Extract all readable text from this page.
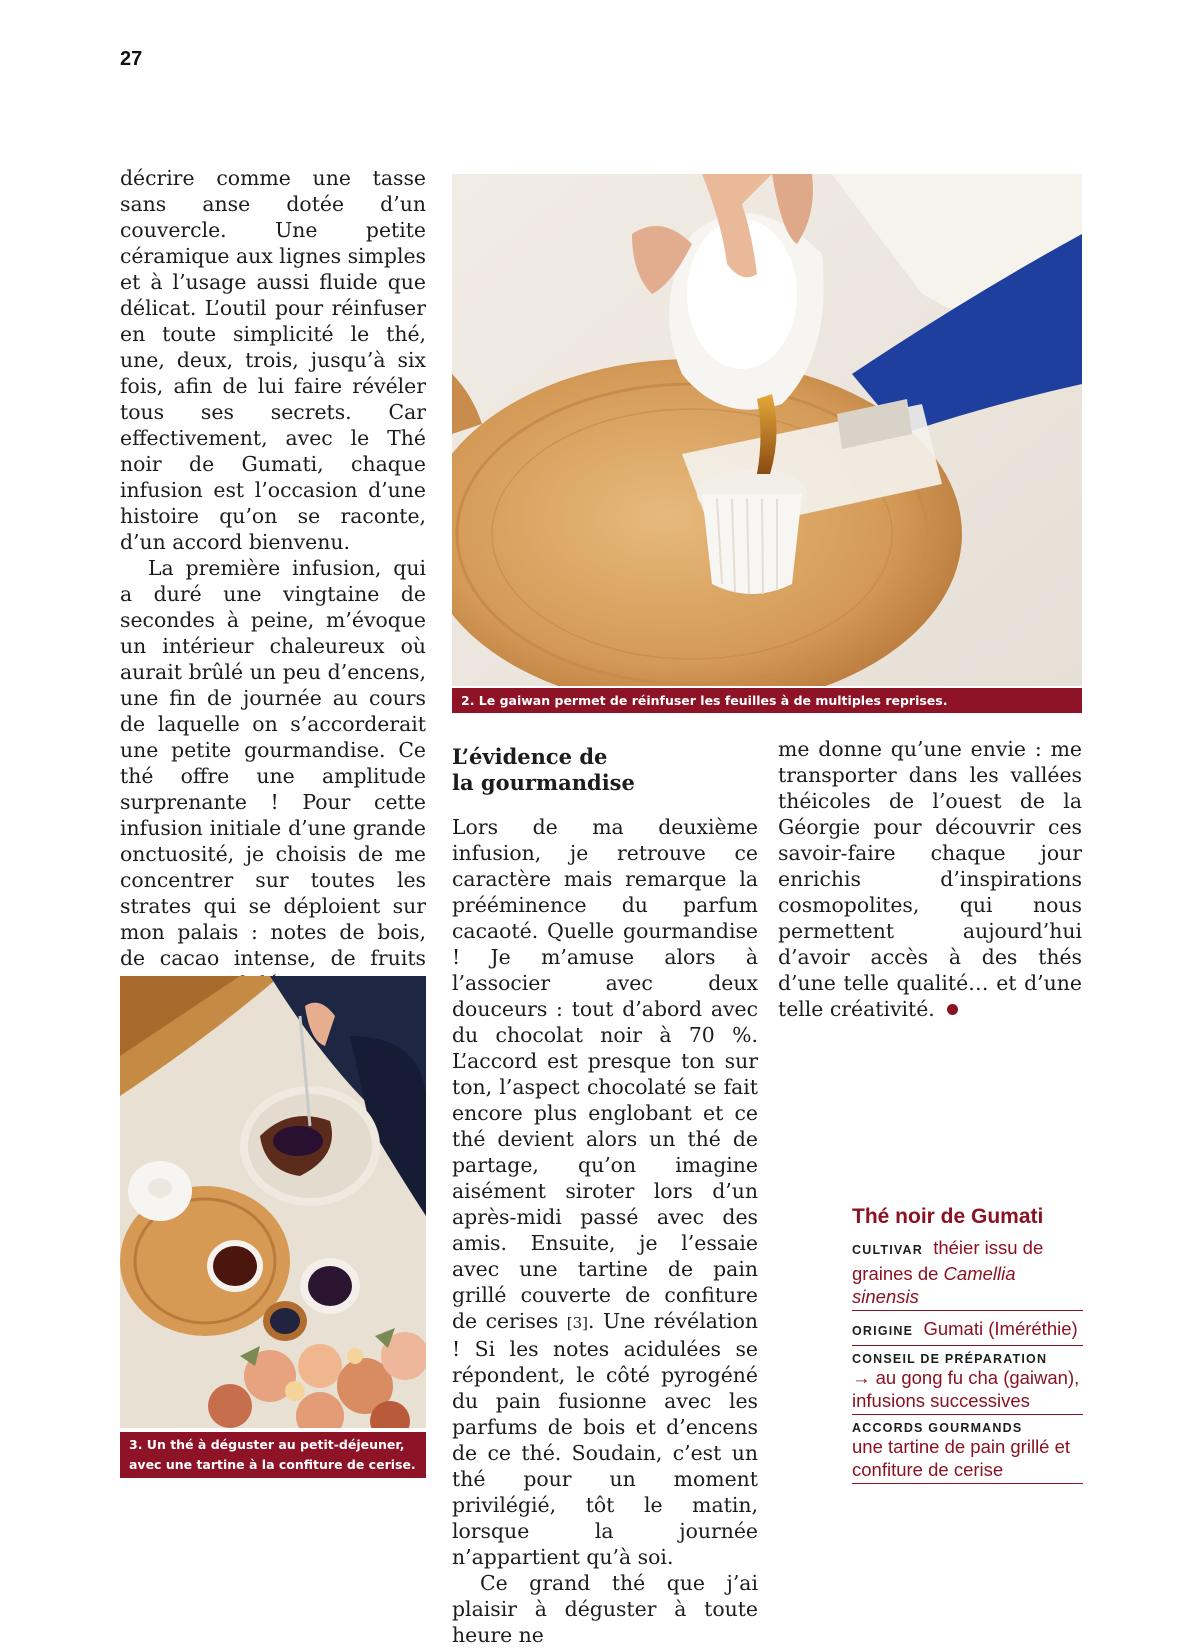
27

décrire comme une tasse sans anse dotée d’un couvercle. Une petite céramique aux lignes simples et à l’usage aussi fluide que délicat. L’outil pour réinfuser en toute simplicité le thé, une, deux, trois, jusqu’à six fois, afin de lui faire révéler tous ses secrets. Car effectivement, avec le Thé noir de Gumati, chaque infusion est l’occasion d’une histoire qu’on se raconte, d’un accord bienvenu.

La première infusion, qui a duré une vingtaine de secondes à peine, m’évoque un intérieur chaleureux où aurait brûlé un peu d’encens, une fin de journée au cours de laquelle on s’accorderait une petite gourmandise. Ce thé offre une amplitude surprenante ! Pour cette infusion initiale d’une grande onctuosité, je choisis de me concentrer sur toutes les strates qui se déploient sur mon palais : notes de bois, de cacao intense, de fruits

2. Le gaiwan permet de réinfuser les feuilles à de multiples reprises.
3. Un thé à déguster au petit-déjeuner,
avec une tartine à la confiture de cerise.
L’évidence de
la gourmandise

Lors de ma deuxième infusion, je retrouve ce caractère mais remarque la prééminence du parfum cacaoté. Quelle gourmandise ! Je m’amuse alors à l’associer avec deux douceurs : tout d’abord avec du chocolat noir à 70 %. L’accord est presque ton sur ton, l’aspect chocolaté se fait encore plus englobant et ce thé devient alors un thé de partage, qu’on imagine aisément siroter lors d’un après-midi passé avec des amis. Ensuite, je l’essaie avec une tartine de pain grillé couverte de confiture de cerises [3]. Une révélation ! Si les notes acidulées se répondent, le côté pyrogéné du pain fusionne avec les parfums de bois et d’encens de ce thé. Soudain, c’est un thé pour un moment privilégié, tôt le matin, lorsque la journée n’appartient qu’à soi.

Ce grand thé que j’ai plaisir à déguster à toute heure ne

me donne qu’une envie : me transporter dans les vallées théicoles de l’ouest de la Géorgie pour découvrir ces savoir-faire chaque jour enrichis d’inspirations cosmopolites, qui nous permettent aujourd’hui d’avoir accès à des thés d’une telle qualité… et d’une telle créativité.

Thé noir de Gumati
CULTIVAR théier issu de graines de Camellia sinensis
ORIGINE Gumati (Iméréthie)
CONSEIL DE PRÉPARATION
→ au gong fu cha (gaiwan), infusions successives
ACCORDS GOURMANDS
une tartine de pain grillé et confiture de cerise
